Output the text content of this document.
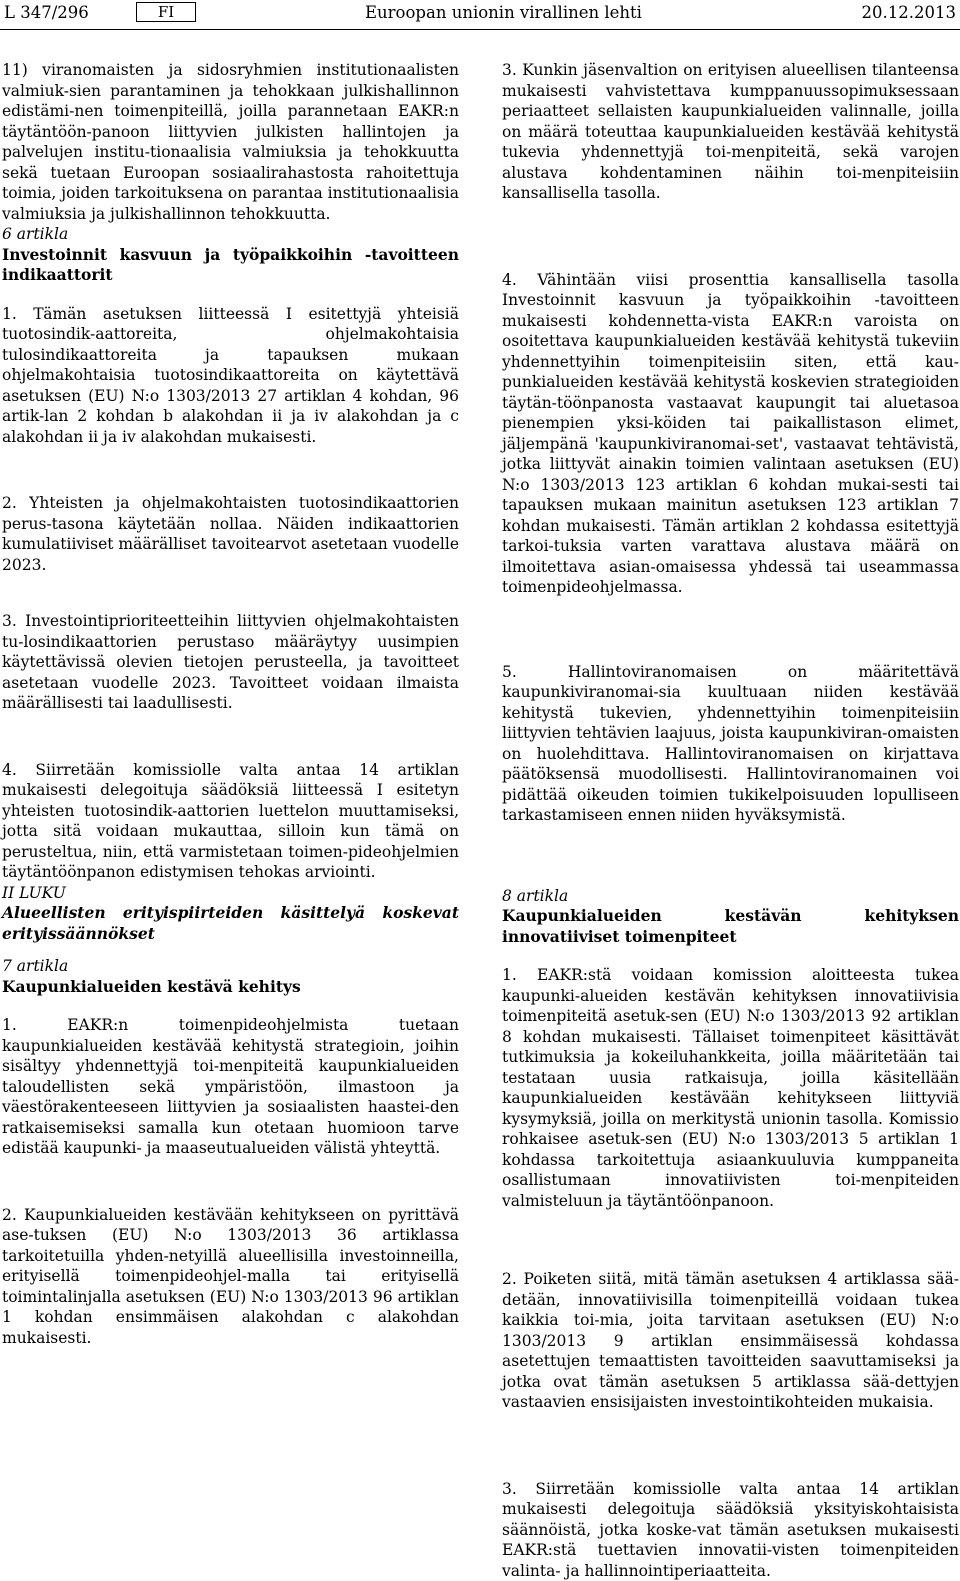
L 347/296	FI	Euroopan unionin virallinen lehti	20.12.2013

11) viranomaisten ja sidosryhmien institutionaalisten valmiuk-sien parantaminen ja tehokkaan julkishallinnon edistämi-nen toimenpiteillä, joilla parannetaan EAKR:n täytäntöön-panoon liittyvien julkisten hallintojen ja palvelujen institu-tionaalisia valmiuksia ja tehokkuutta sekä tuetaan Euroopan sosiaalirahastosta rahoitettuja toimia, joiden tarkoituksena on parantaa institutionaalisia valmiuksia ja julkishallinnon tehokkuutta.

6 artikla

Investoinnit kasvuun ja työpaikkoihin -tavoitteen indikaattorit

1. Tämän asetuksen liitteessä I esitettyjä yhteisiä tuotosindik-aattoreita, ohjelmakohtaisia tulosindikaattoreita ja tapauksen mukaan ohjelmakohtaisia tuotosindikaattoreita on käytettävä asetuksen (EU) N:o 1303/2013 27 artiklan 4 kohdan, 96 artik-lan 2 kohdan b alakohdan ii ja iv alakohdan ja c alakohdan ii ja iv alakohdan mukaisesti.

2. Yhteisten ja ohjelmakohtaisten tuotosindikaattorien perus-tasona käytetään nollaa. Näiden indikaattorien kumulatiiviset määrälliset tavoitearvot asetetaan vuodelle 2023.

3. Investointiprioriteetteihin liittyvien ohjelmakohtaisten tu-losindikaattorien perustaso määräytyy uusimpien käytettävissä olevien tietojen perusteella, ja tavoitteet asetetaan vuodelle 2023. Tavoitteet voidaan ilmaista määrällisesti tai laadullisesti.

4. Siirretään komissiolle valta antaa 14 artiklan mukaisesti delegoituja säädöksiä liitteessä I esitetyn yhteisten tuotosindik-aattorien luettelon muuttamiseksi, jotta sitä voidaan mukauttaa, silloin kun tämä on perusteltua, niin, että varmistetaan toimen-pideohjelmien täytäntöönpanon edistymisen tehokas arviointi.

II LUKU

Alueellisten erityispiirteiden käsittelyä koskevat erityissäännökset

7 artikla

Kaupunkialueiden kestävä kehitys

1. EAKR:n toimenpideohjelmista tuetaan kaupunkialueiden kestävää kehitystä strategioin, joihin sisältyy yhdennettyjä toi-menpiteitä kaupunkialueiden taloudellisten sekä ympäristöön, ilmastoon ja väestörakenteeseen liittyvien ja sosiaalisten haastei-den ratkaisemiseksi samalla kun otetaan huomioon tarve edistää kaupunki- ja maaseutualueiden välistä yhteyttä.

2. Kaupunkialueiden kestävään kehitykseen on pyrittävä ase-tuksen (EU) N:o 1303/2013 36 artiklassa tarkoitetuilla yhden-netyillä alueellisilla investoinneilla, erityisellä toimenpideohjel-malla tai erityisellä toimintalinjalla asetuksen (EU) N:o 1303/2013 96 artiklan 1 kohdan ensimmäisen alakohdan c alakohdan mukaisesti.

3. Kunkin jäsenvaltion on erityisen alueellisen tilanteensa mukaisesti vahvistettava kumppanuussopimuksessaan periaatteet sellaisten kaupunkialueiden valinnalle, joilla on määrä toteuttaa kaupunkialueiden kestävää kehitystä tukevia yhdennettyjä toi-menpiteitä, sekä varojen alustava kohdentaminen näihin toi-menpiteisiin kansallisella tasolla.

4. Vähintään viisi prosenttia kansallisella tasolla Investoinnit kasvuun ja työpaikkoihin -tavoitteen mukaisesti kohdennetta-vista EAKR:n varoista on osoitettava kaupunkialueiden kestävää kehitystä tukeviin yhdennettyihin toimenpiteisiin siten, että kau-punkialueiden kestävää kehitystä koskevien strategioiden täytän-töönpanosta vastaavat kaupungit tai aluetasoa pienempien yksi-köiden tai paikallistason elimet, jäljempänä 'kaupunkiviranomai-set', vastaavat tehtävistä, jotka liittyvät ainakin toimien valintaan asetuksen (EU) N:o 1303/2013 123 artiklan 6 kohdan mukai-sesti tai tapauksen mukaan mainitun asetuksen 123 artiklan 7 kohdan mukaisesti. Tämän artiklan 2 kohdassa esitettyjä tarkoi-tuksia varten varattava alustava määrä on ilmoitettava asian-omaisessa yhdessä tai useammassa toimenpideohjelmassa.

5. Hallintoviranomaisen on määritettävä kaupunkiviranomai-sia kuultuaan niiden kestävää kehitystä tukevien, yhdennettyihin toimenpiteisiin liittyvien tehtävien laajuus, joista kaupunkiviran-omaisten on huolehdittava. Hallintoviranomaisen on kirjattava päätöksensä muodollisesti. Hallintoviranomainen voi pidättää oikeuden toimien tukikelpoisuuden lopulliseen tarkastamiseen ennen niiden hyväksymistä.

8 artikla

Kaupunkialueiden kestävän kehityksen innovatiiviset toimenpiteet

1. EAKR:stä voidaan komission aloitteesta tukea kaupunki-alueiden kestävän kehityksen innovatiivisia toimenpiteitä asetuk-sen (EU) N:o 1303/2013 92 artiklan 8 kohdan mukaisesti. Tällaiset toimenpiteet käsittävät tutkimuksia ja kokeiluhankkeita, joilla määritetään tai testataan uusia ratkaisuja, joilla käsitellään kaupunkialueiden kestävään kehitykseen liittyviä kysymyksiä, joilla on merkitystä unionin tasolla. Komissio rohkaisee asetuk-sen (EU) N:o 1303/2013 5 artiklan 1 kohdassa tarkoitettuja asiaankuuluvia kumppaneita osallistumaan innovatiivisten toi-menpiteiden valmisteluun ja täytäntöönpanoon.

2. Poiketen siitä, mitä tämän asetuksen 4 artiklassa sää-detään, innovatiivisilla toimenpiteillä voidaan tukea kaikkia toi-mia, joita tarvitaan asetuksen (EU) N:o 1303/2013 9 artiklan ensimmäisessä kohdassa asetettujen temaattisten tavoitteiden saavuttamiseksi ja jotka ovat tämän asetuksen 5 artiklassa sää-dettyjen vastaavien ensisijaisten investointikohteiden mukaisia.

3. Siirretään komissiolle valta antaa 14 artiklan mukaisesti delegoituja säädöksiä yksityiskohtaisista säännöistä, jotka koske-vat tämän asetuksen mukaisesti EAKR:stä tuettavien innovatii-visten toimenpiteiden valinta- ja hallinnointiperiaatteita.
